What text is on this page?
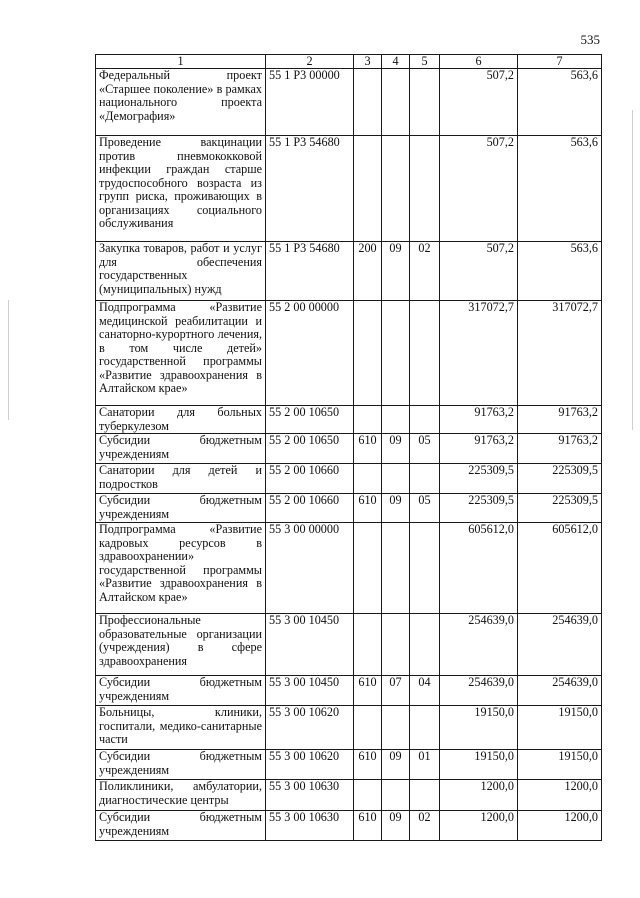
535
1	2	3	4	5	6	7
Федеральный проект «Старшее поколение» в рамках национального проекта «Демография»	55 1 P3 00000				507,2	563,6
Проведение вакцинации против пневмококковой инфекции граждан старше трудоспособного возраста из групп риска, проживающих в организациях социального обслуживания	55 1 P3 54680				507,2	563,6
Закупка товаров, работ и услуг для обеспечения государственных (муниципальных) нужд	55 1 P3 54680	200	09	02	507,2	563,6
Подпрограмма «Развитие медицинской реабилитации и санаторно-курортного лечения, в том числе детей» государственной программы «Развитие здравоохранения в Алтайском крае»	55 2 00 00000				317072,7	317072,7
Санатории для больных туберкулезом	55 2 00 10650				91763,2	91763,2
Субсидии бюджетным учреждениям	55 2 00 10650	610	09	05	91763,2	91763,2
Санатории для детей и подростков	55 2 00 10660				225309,5	225309,5
Субсидии бюджетным учреждениям	55 2 00 10660	610	09	05	225309,5	225309,5
Подпрограмма «Развитие кадровых ресурсов в здравоохранении» государственной программы «Развитие здравоохранения в Алтайском крае»	55 3 00 00000				605612,0	605612,0
Профессиональные образовательные организации (учреждения) в сфере здравоохранения	55 3 00 10450				254639,0	254639,0
Субсидии бюджетным учреждениям	55 3 00 10450	610	07	04	254639,0	254639,0
Больницы, клиники, госпитали, медико-санитарные части	55 3 00 10620				19150,0	19150,0
Субсидии бюджетным учреждениям	55 3 00 10620	610	09	01	19150,0	19150,0
Поликлиники, амбулатории, диагностические центры	55 3 00 10630				1200,0	1200,0
Субсидии бюджетным учреждениям	55 3 00 10630	610	09	02	1200,0	1200,0
